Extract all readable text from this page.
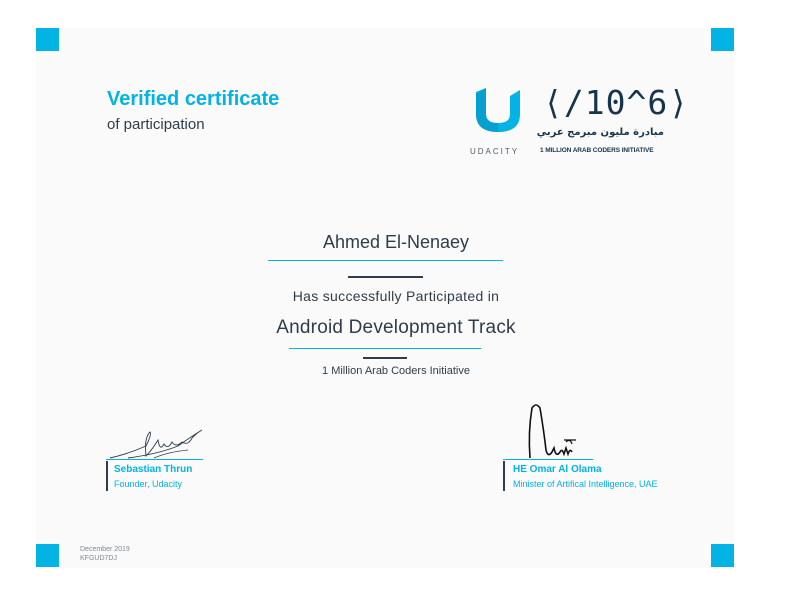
Verified certificate
of participation
UDACITY
⟨/10^6⟩
مبادرة مليون مبرمج عربي
1 MILLION ARAB CODERS INITIATIVE
Ahmed El-Nenaey
Has successfully Participated in
Android Development Track
1 Million Arab Coders Initiative
Sebastian Thrun
Founder, Udacity
HE Omar Al Olama
Minister of Artifical Intelligence, UAE
December 2019
KFGUD7DJ
